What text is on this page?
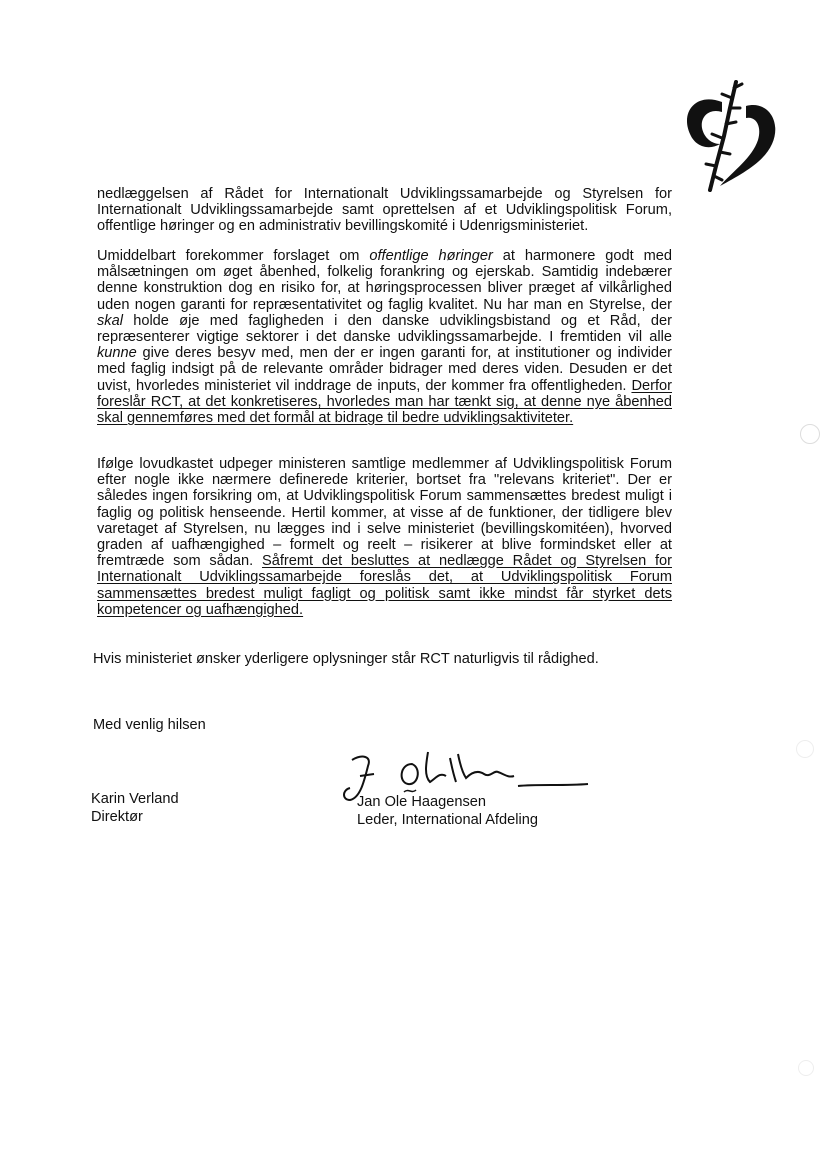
nedlæggelsen af Rådet for Internationalt Udviklingssamarbejde og Styrelsen for Internationalt Udviklingssamarbejde samt oprettelsen af et Udviklingspolitisk Forum, offentlige høringer og en administrativ bevillingskomité i Udenrigsministeriet.

Umiddelbart forekommer forslaget om offentlige høringer at harmonere godt med målsætningen om øget åbenhed, folkelig forankring og ejerskab. Samtidig indebærer denne konstruktion dog en risiko for, at høringsprocessen bliver præget af vilkårlighed uden nogen garanti for repræsentativitet og faglig kvalitet. Nu har man en Styrelse, der skal holde øje med fagligheden i den danske udviklingsbistand og et Råd, der repræsenterer vigtige sektorer i det danske udviklingssamarbejde. I fremtiden vil alle kunne give deres besyv med, men der er ingen garanti for, at institutioner og individer med faglig indsigt på de relevante områder bidrager med deres viden. Desuden er det uvist, hvorledes ministeriet vil inddrage de inputs, der kommer fra offentligheden. Derfor foreslår RCT, at det konkretiseres, hvorledes man har tænkt sig, at denne nye åbenhed skal gennemføres med det formål at bidrage til bedre udviklingsaktiviteter.

Ifølge lovudkastet udpeger ministeren samtlige medlemmer af Udviklingspolitisk Forum efter nogle ikke nærmere definerede kriterier, bortset fra "relevans kriteriet". Der er således ingen forsikring om, at Udviklingspolitisk Forum sammensættes bredest muligt i faglig og politisk henseende. Hertil kommer, at visse af de funktioner, der tidligere blev varetaget af Styrelsen, nu lægges ind i selve ministeriet (bevillingskomitéen), hvorved graden af uafhængighed – formelt og reelt – risikerer at blive formindsket eller at fremtræde som sådan. Såfremt det besluttes at nedlægge Rådet og Styrelsen for Internationalt Udviklingssamarbejde foreslås det, at Udviklingspolitisk Forum sammensættes bredest muligt fagligt og politisk samt ikke mindst får styrket dets kompetencer og uafhængighed.

Hvis ministeriet ønsker yderligere oplysninger står RCT naturligvis til rådighed.
Med venlig hilsen
Karin Verland
Direktør
Jan Ole Haagensen
Leder, International Afdeling
